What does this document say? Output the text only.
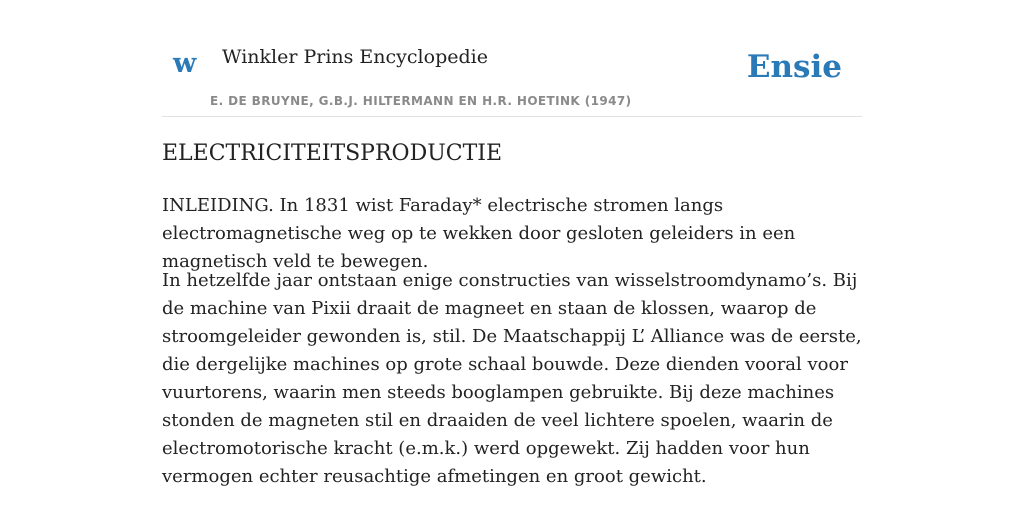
w Winkler Prins Encyclopedie
E. DE BRUYNE, G.B.J. HILTERMANN EN H.R. HOETINK (1947)
Ensie
ELECTRICITEITSPRODUCTIE

INLEIDING. In 1831 wist Faraday* electrische stromen langs electromagnetische weg op te wekken door gesloten geleiders in een magnetisch veld te bewegen.

In hetzelfde jaar ontstaan enige constructies van wisselstroomdynamo’s. Bij de machine van Pixii draait de magneet en staan de klossen, waarop de stroomgeleider gewonden is, stil. De Maatschappij L’ Alliance was de eerste, die dergelijke machines op grote schaal bouwde. Deze dienden vooral voor vuurtorens, waarin men steeds booglampen gebruikte. Bij deze machines stonden de magneten stil en draaiden de veel lichtere spoelen, waarin de electromotorische kracht (e.m.k.) werd opgewekt. Zij hadden voor hun vermogen echter reusachtige afmetingen en groot gewicht.
